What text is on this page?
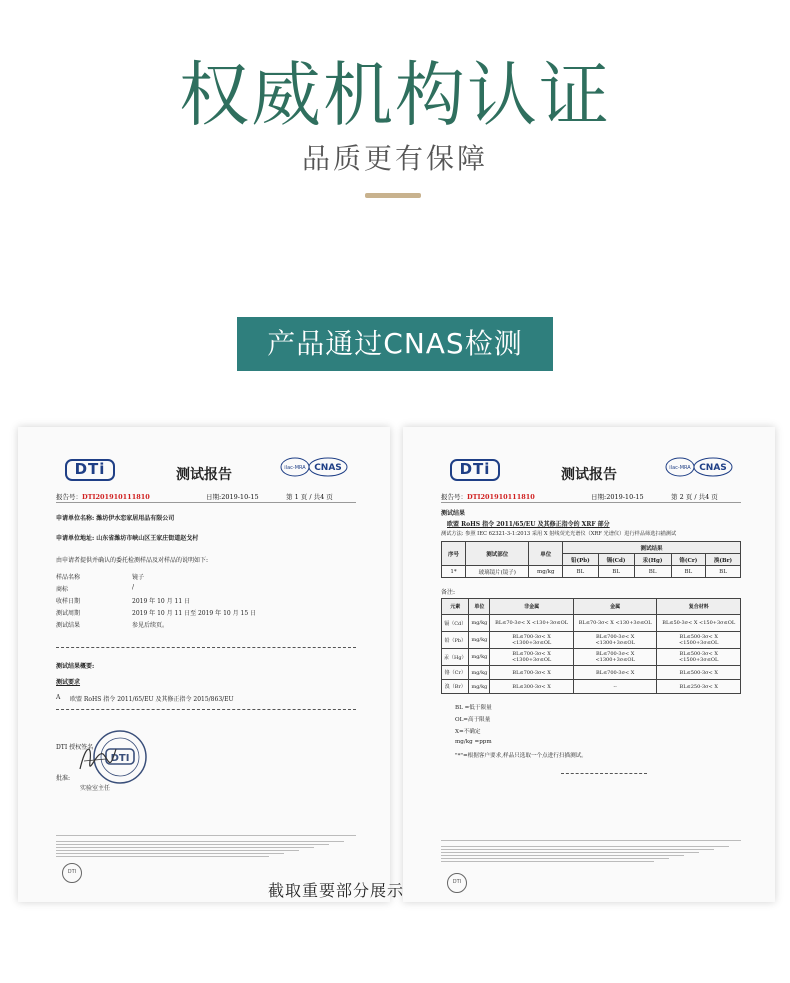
权威机构认证
品质更有保障
产品通过CNAS检测
DTi	测试报告	ilac-MRA CNAS
报告号：DTI201910111810	日期:2019-10-15	第 1 页 / 共4 页
申请单位名称: 潍坊伊水恋家居用品有限公司
申请单位地址: 山东省潍坊市峡山区王家庄街道赵戈村
由申请者提供并确认的委托检测样品及对样品的说明如下:
样品名称	镜子
商标	/
收样日期	2019 年 10 月 11 日
测试周期	2019 年 10 月 11 日至 2019 年 10 月 15 日
测试结果	参见后续页。
测试结果概要:
测试要求
A 欧盟 RoHS 指令 2011/65/EU 及其修正指令 2015/863/EU
DTI 授权签名
DTI
批准:
实验室主任
DTI
DTi	测试报告	ilac-MRA CNAS
报告号：DTI201910111810	日期:2019-10-15	第 2 页 / 共4 页
测试结果
欧盟 RoHS 指令 2011/65/EU 及其修正指令的 XRF 部分
测试方法: 参照 IEC 62321-3-1:2013 采用 X 射线荧光光谱仪（XRF 光谱仪）进行样品筛选扫描测试
序号	测试部位	单位	测试结果				
			铅(Pb)	镉(Cd)	汞(Hg)	铬(Cr)	溴(Br)
1*	玻璃镜片(镜子)	mg/kg	BL	BL	BL	BL	BL
备注:
元素	单位	非金属	金属	复合材料
镉（Cd）	mg/kg	BL≤70-3σ< X <130+3σ≤OL	BL≤70-3σ< X <130+3σ≤OL	BL≤50-3σ< X <150+3σ≤OL
铅（Pb）	mg/kg	BL≤700-3σ< X <1300+3σ≤OL	BL≤700-3σ< X <1300+3σ≤OL	BL≤500-3σ< X <1500+3σ≤OL
汞（Hg）	mg/kg	BL≤700-3σ< X <1300+3σ≤OL	BL≤700-3σ< X <1300+3σ≤OL	BL≤500-3σ< X <1500+3σ≤OL
铬（Cr）	mg/kg	BL≤700-3σ< X	BL≤700-3σ< X	BL≤500-3σ< X
溴（Br）	mg/kg	BL≤300-3σ< X	--	BL≤250-3σ< X
BL =低于限量
OL=高于限量
X=不确定
mg/kg =ppm
"*"=根据客户要求,样品只选取一个点进行扫描测试。
DTI
截取重要部分展示
